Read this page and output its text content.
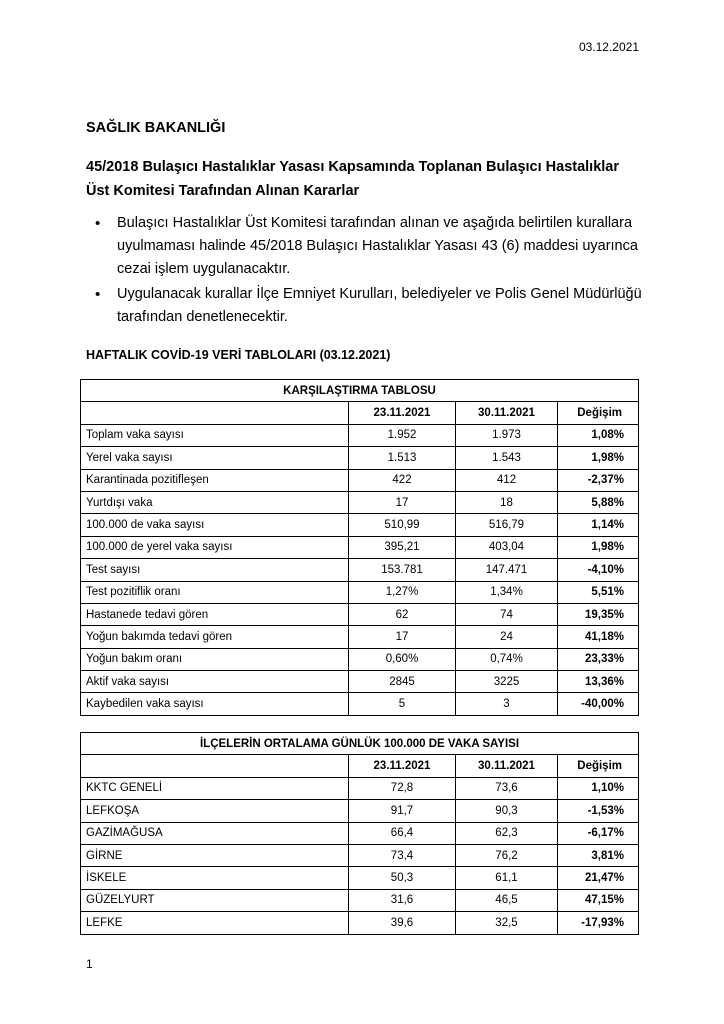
03.12.2021
SAĞLIK BAKANLIĞI
45/2018 Bulaşıcı Hastalıklar Yasası Kapsamında Toplanan Bulaşıcı Hastalıklar Üst Komitesi Tarafından Alınan Kararlar
• Bulaşıcı Hastalıklar Üst Komitesi tarafından alınan ve aşağıda belirtilen kurallara uyulmaması halinde 45/2018 Bulaşıcı Hastalıklar Yasası 43 (6) maddesi uyarınca cezai işlem uygulanacaktır.
• Uygulanacak kurallar İlçe Emniyet Kurulları, belediyeler ve Polis Genel Müdürlüğü tarafından denetlenecektir.
HAFTALIK COVİD-19 VERİ TABLOLARI (03.12.2021)
KARŞILAŞTIRMA TABLOSU			
	23.11.2021	30.11.2021	Değişim
Toplam vaka sayısı	1.952	1.973	1,08%
Yerel vaka sayısı	1.513	1.543	1,98%
Karantinada pozitifleşen	422	412	-2,37%
Yurtdışı vaka	17	18	5,88%
100.000 de vaka sayısı	510,99	516,79	1,14%
100.000 de yerel vaka sayısı	395,21	403,04	1,98%
Test sayısı	153.781	147.471	-4,10%
Test pozitiflik oranı	1,27%	1,34%	5,51%
Hastanede tedavi gören	62	74	19,35%
Yoğun bakımda tedavi gören	17	24	41,18%
Yoğun bakım oranı	0,60%	0,74%	23,33%
Aktif vaka sayısı	2845	3225	13,36%
Kaybedilen vaka sayısı	5	3	-40,00%
İLÇELERİN ORTALAMA GÜNLÜK 100.000 DE VAKA SAYISI			
	23.11.2021	30.11.2021	Değişim
KKTC GENELİ	72,8	73,6	1,10%
LEFKOŞA	91,7	90,3	-1,53%
GAZİMAĞUSA	66,4	62,3	-6,17%
GİRNE	73,4	76,2	3,81%
İSKELE	50,3	61,1	21,47%
GÜZELYURT	31,6	46,5	47,15%
LEFKE	39,6	32,5	-17,93%
1
